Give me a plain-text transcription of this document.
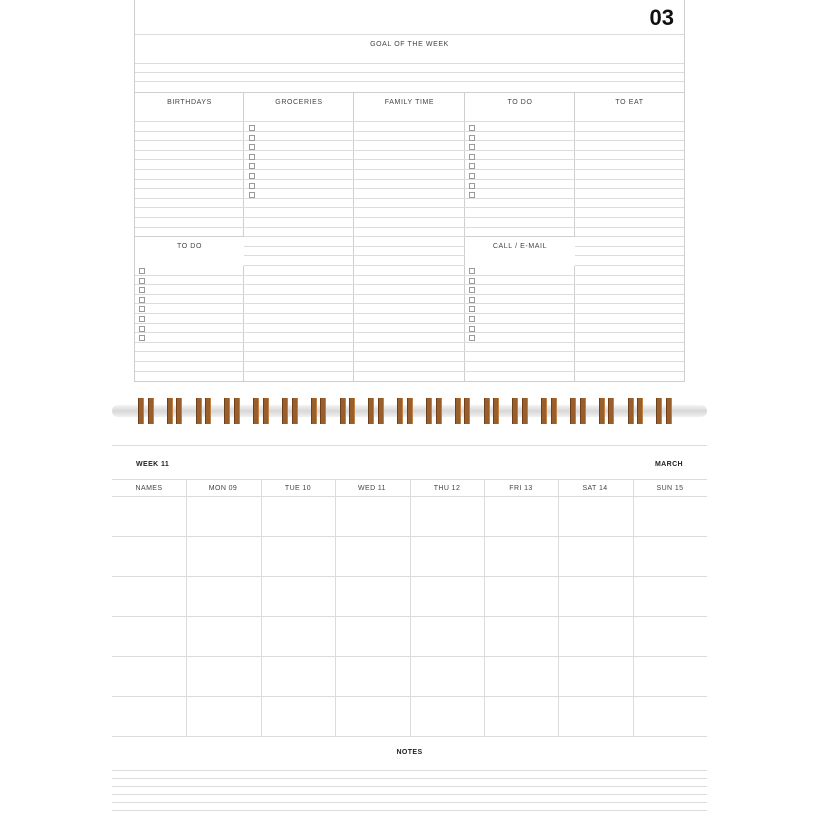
03
GOAL OF THE WEEK
BIRTHDAYS	GROCERIES	FAMILY TIME	TO DO	TO EAT
TO DO	CALL / E-MAIL
WEEK 11	MARCH
NAMES	MON 09	TUE 10	WED 11	THU 12	FRI 13	SAT 14	SUN 15
NOTES
